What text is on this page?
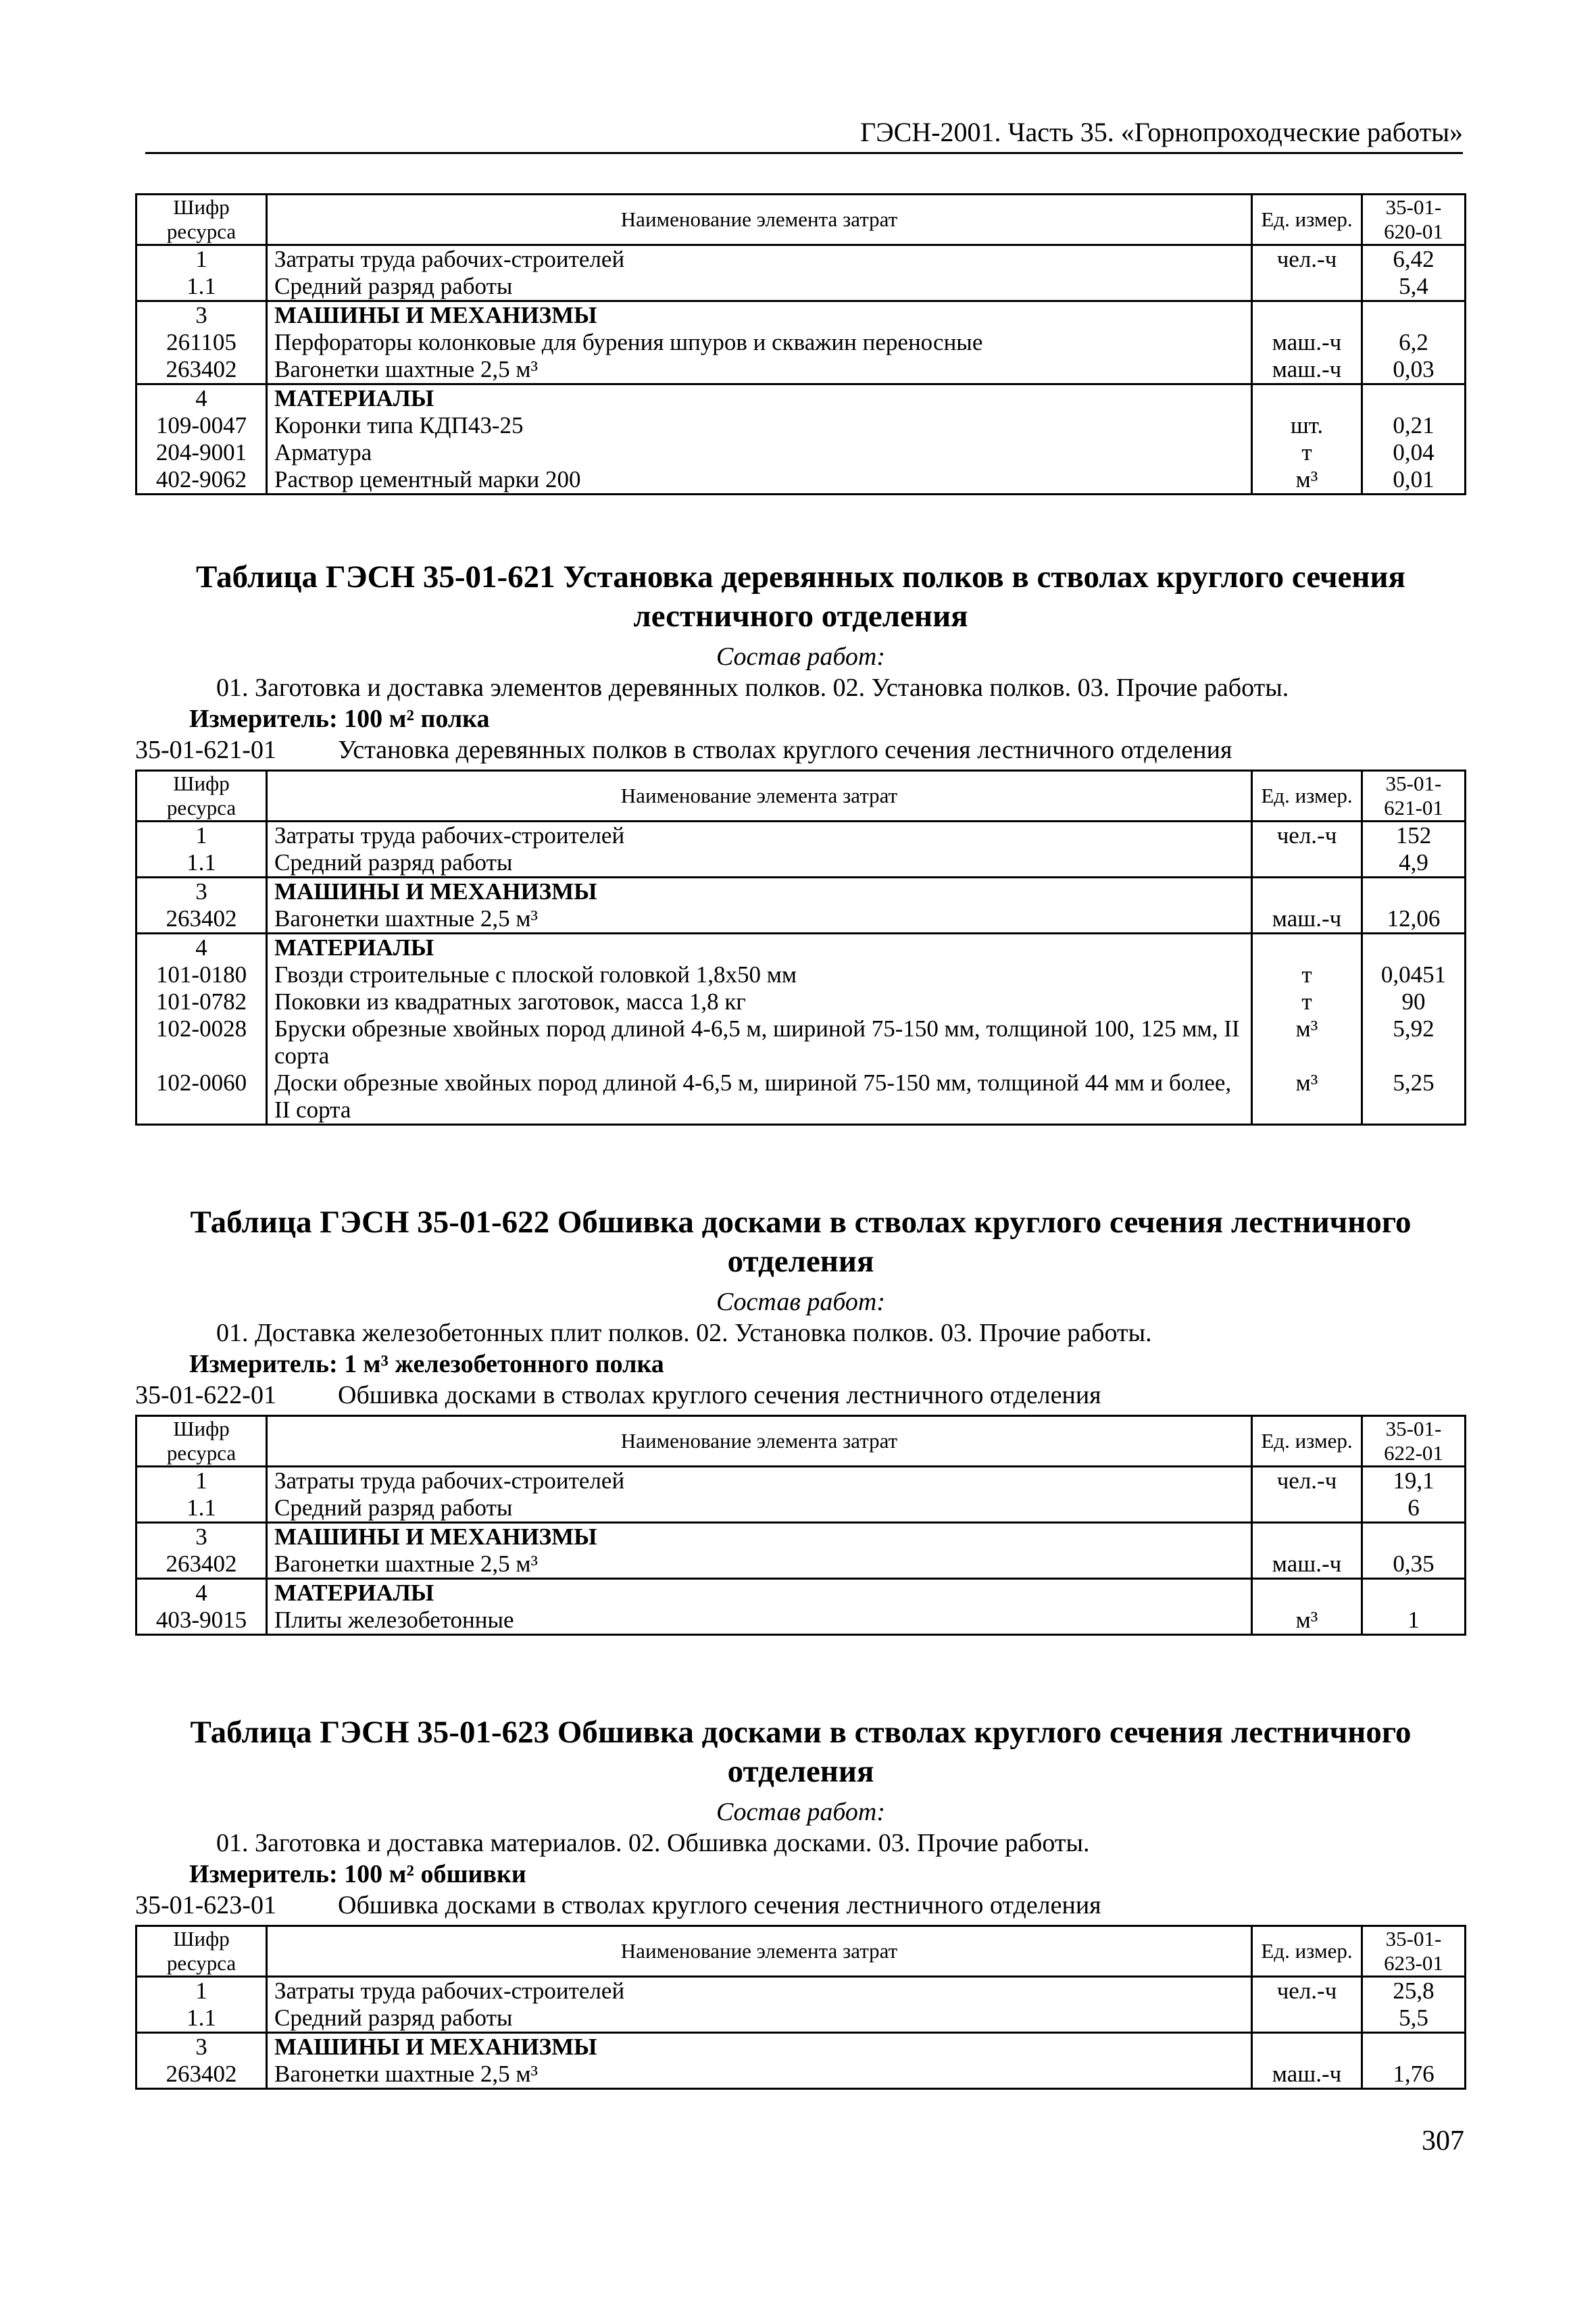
ГЭСН-2001. Часть 35. «Горнопроходческие работы»
Шифр ресурса	Наименование элемента затрат	Ед. измер.	35-01-620-01
1	Затраты труда рабочих-строителей	чел.-ч	6,42
1.1	Средний разряд работы		5,4
3	МАШИНЫ И МЕХАНИЗМЫ		
261105	Перфораторы колонковые для бурения шпуров и скважин переносные	маш.-ч	6,2
263402	Вагонетки шахтные 2,5 м³	маш.-ч	0,03
4	МАТЕРИАЛЫ		
109-0047	Коронки типа КДП43-25	шт.	0,21
204-9001	Арматура	т	0,04
402-9062	Раствор цементный марки 200	м³	0,01
Таблица ГЭСН 35-01-621 Установка деревянных полков в стволах круглого сечения лестничного отделения
Состав работ:
01. Заготовка и доставка элементов деревянных полков. 02. Установка полков. 03. Прочие работы.
Измеритель: 100 м² полка
35-01-621-01	Установка деревянных полков в стволах круглого сечения лестничного отделения
Шифр ресурса	Наименование элемента затрат	Ед. измер.	35-01-621-01
1	Затраты труда рабочих-строителей	чел.-ч	152
1.1	Средний разряд работы		4,9
3	МАШИНЫ И МЕХАНИЗМЫ		
263402	Вагонетки шахтные 2,5 м³	маш.-ч	12,06
4	МАТЕРИАЛЫ		
101-0180	Гвозди строительные с плоской головкой 1,8х50 мм	т	0,0451
101-0782	Поковки из квадратных заготовок, масса 1,8 кг	т	90
102-0028	Бруски обрезные хвойных пород длиной 4-6,5 м, шириной 75-150 мм, толщиной 100, 125 мм, II сорта	м³	5,92
102-0060	Доски обрезные хвойных пород длиной 4-6,5 м, шириной 75-150 мм, толщиной 44 мм и более, II сорта	м³	5,25
Таблица ГЭСН 35-01-622 Обшивка досками в стволах круглого сечения лестничного отделения
Состав работ:
01. Доставка железобетонных плит полков. 02. Установка полков. 03. Прочие работы.
Измеритель: 1 м³ железобетонного полка
35-01-622-01	Обшивка досками в стволах круглого сечения лестничного отделения
Шифр ресурса	Наименование элемента затрат	Ед. измер.	35-01-622-01
1	Затраты труда рабочих-строителей	чел.-ч	19,1
1.1	Средний разряд работы		6
3	МАШИНЫ И МЕХАНИЗМЫ		
263402	Вагонетки шахтные 2,5 м³	маш.-ч	0,35
4	МАТЕРИАЛЫ		
403-9015	Плиты железобетонные	м³	1
Таблица ГЭСН 35-01-623 Обшивка досками в стволах круглого сечения лестничного отделения
Состав работ:
01. Заготовка и доставка материалов. 02. Обшивка досками. 03. Прочие работы.
Измеритель: 100 м² обшивки
35-01-623-01	Обшивка досками в стволах круглого сечения лестничного отделения
Шифр ресурса	Наименование элемента затрат	Ед. измер.	35-01-623-01
1	Затраты труда рабочих-строителей	чел.-ч	25,8
1.1	Средний разряд работы		5,5
3	МАШИНЫ И МЕХАНИЗМЫ		
263402	Вагонетки шахтные 2,5 м³	маш.-ч	1,76
307
